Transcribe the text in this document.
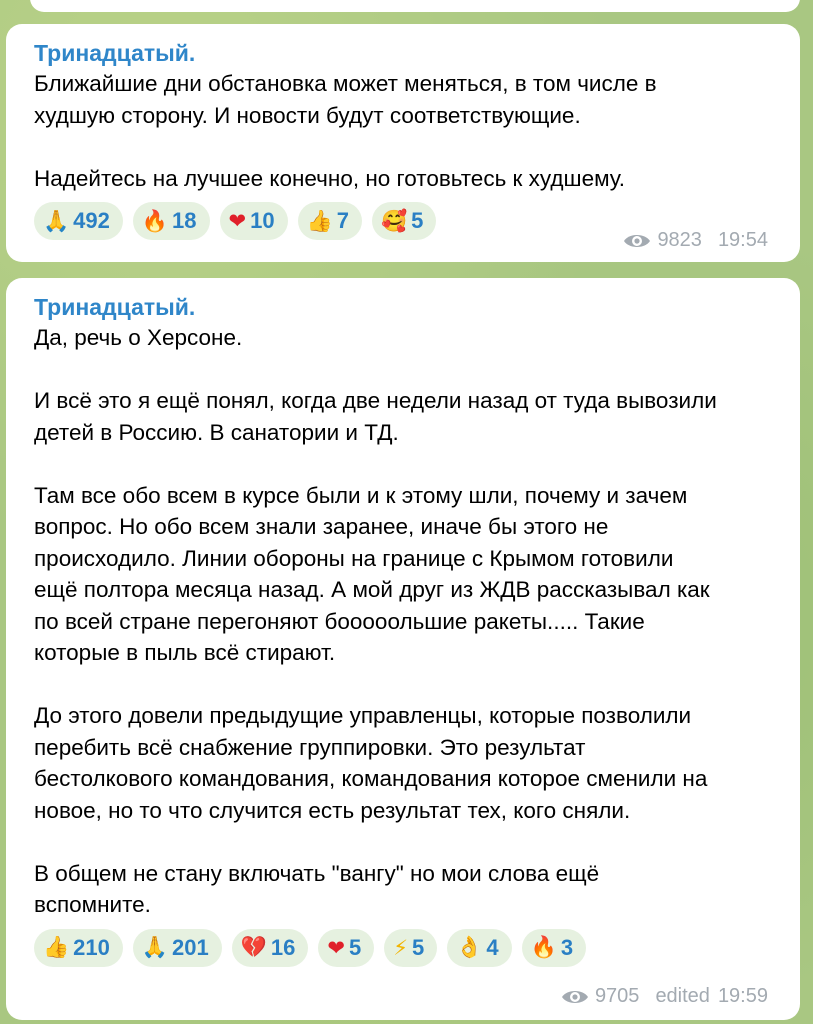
Тринадцатый.
Ближайшие дни обстановка может меняться, в том числе в
худшую сторону. И новости будут соответствующие.
Надейтесь на лучшее конечно, но готовьтесь к худшему.
🙏 492 🔥 18 ❤ 10 👍 7 🥰 5
9823 19:54
Тринадцатый.
Да, речь о Херсоне.
И всё это я ещё понял, когда две недели назад от туда вывозили
детей в Россию. В санатории и ТД.
Там все обо всем в курсе были и к этому шли, почему и зачем
вопрос. Но обо всем знали заранее, иначе бы этого не
происходило. Линии обороны на границе с Крымом готовили
ещё полтора месяца назад. А мой друг из ЖДВ рассказывал как
по всей стране перегоняют бооооольшие ракеты..... Такие
которые в пыль всё стирают.
До этого довели предыдущие управленцы, которые позволили
перебить всё снабжение группировки. Это результат
бестолкового командования, командования которое сменили на
новое, но то что случится есть результат тех, кого сняли.
В общем не стану включать "вангу" но мои слова ещё
вспомните.
👍 210 🙏 201 💔 16 ❤ 5 ⚡ 5 👌 4 🔥 3
9705 edited 19:59
